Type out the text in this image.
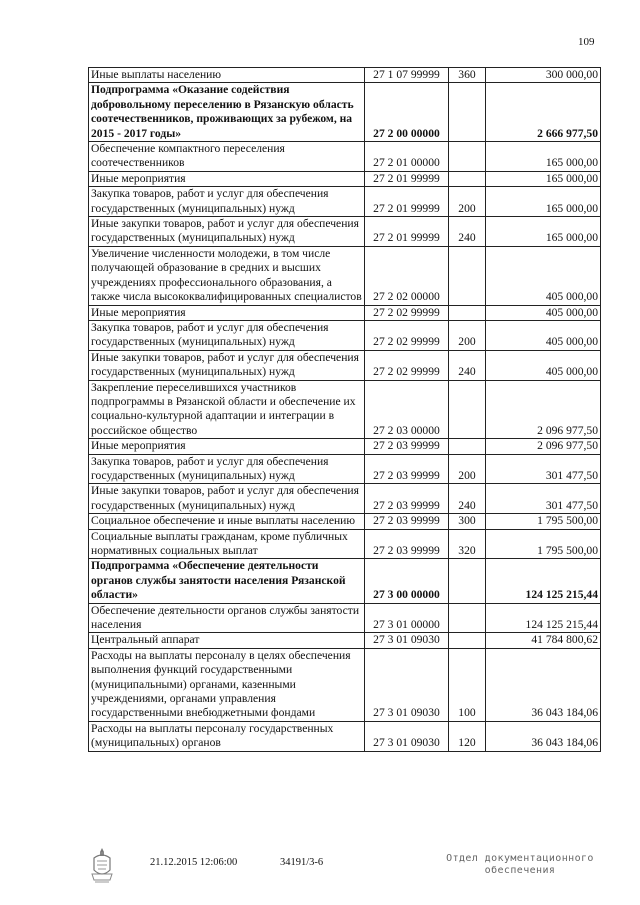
109
Иные выплаты населению	27 1 07 99999	360	300 000,00
Подпрограмма «Оказание содействия добровольному переселению в Рязанскую область соотечественников, проживающих за рубежом, на 2015 - 2017 годы»	27 2 00 00000		2 666 977,50
Обеспечение компактного переселения соотечественников	27 2 01 00000		165 000,00
Иные мероприятия	27 2 01 99999		165 000,00
Закупка товаров, работ и услуг для обеспечения государственных (муниципальных) нужд	27 2 01 99999	200	165 000,00
Иные закупки товаров, работ и услуг для обеспечения государственных (муниципальных) нужд	27 2 01 99999	240	165 000,00
Увеличение численности молодежи, в том числе получающей образование в средних и высших учреждениях профессионального образования, а также числа высококвалифицированных специалистов	27 2 02 00000		405 000,00
Иные мероприятия	27 2 02 99999		405 000,00
Закупка товаров, работ и услуг для обеспечения государственных (муниципальных) нужд	27 2 02 99999	200	405 000,00
Иные закупки товаров, работ и услуг для обеспечения государственных (муниципальных) нужд	27 2 02 99999	240	405 000,00
Закрепление переселившихся участников подпрограммы в Рязанской области и обеспечение их социально-культурной адаптации и интеграции в российское общество	27 2 03 00000		2 096 977,50
Иные мероприятия	27 2 03 99999		2 096 977,50
Закупка товаров, работ и услуг для обеспечения государственных (муниципальных) нужд	27 2 03 99999	200	301 477,50
Иные закупки товаров, работ и услуг для обеспечения государственных (муниципальных) нужд	27 2 03 99999	240	301 477,50
Социальное обеспечение и иные выплаты населению	27 2 03 99999	300	1 795 500,00
Социальные выплаты гражданам, кроме публичных нормативных социальных выплат	27 2 03 99999	320	1 795 500,00
Подпрограмма «Обеспечение деятельности органов службы занятости населения Рязанской области»	27 3 00 00000		124 125 215,44
Обеспечение деятельности органов службы занятости населения	27 3 01 00000		124 125 215,44
Центральный аппарат	27 3 01 09030		41 784 800,62
Расходы на выплаты персоналу в целях обеспечения выполнения функций государственными (муниципальными) органами, казенными учреждениями, органами управления государственными внебюджетными фондами	27 3 01 09030	100	36 043 184,06
Расходы на выплаты персоналу государственных (муниципальных) органов	27 3 01 09030	120	36 043 184,06
21.12.2015 12:06:00	34191/3-6	Отдел документационного
обеспечения
